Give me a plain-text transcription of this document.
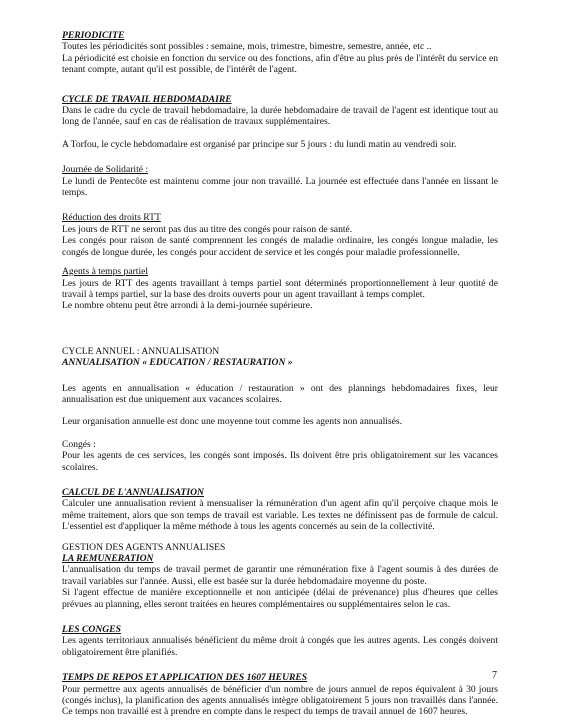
PERIODICITE

Toutes les périodicités sont possibles : semaine, mois, trimestre, bimestre, semestre, année, etc ..

La périodicité est choisie en fonction du service ou des fonctions, afin d'être au plus près de l'intérêt du service en tenant compte, autant qu'il est possible, de l'intérêt de l'agent.

CYCLE DE TRAVAIL HEBDOMADAIRE

Dans le cadre du cycle de travail hebdomadaire, la durée hebdomadaire de travail de l'agent est identique tout au long de l'année, sauf en cas de réalisation de travaux supplémentaires.

A Torfou, le cycle hebdomadaire est organisé par principe sur 5 jours : du lundi matin au vendredi soir.

Journée de Solidarité :

Le lundi de Pentecôte est maintenu comme jour non travaillé. La journée est effectuée dans l'année en lissant le temps.

Réduction des droits RTT

Les jours de RTT ne seront pas dus au titre des congés pour raison de santé.

Les congés pour raison de santé comprennent les congés de maladie ordinaire, les congés longue maladie, les congés de longue durée, les congés pour accident de service et les congés pour maladie professionnelle.

Agents à temps partiel

Les jours de RTT des agents travaillant à temps partiel sont déterminés proportionnellement à leur quotité de travail à temps partiel, sur la base des droits ouverts pour un agent travaillant à temps complet.

Le nombre obtenu peut être arrondi à la demi-journée supérieure.

CYCLE ANNUEL : ANNUALISATION
ANNUALISATION « EDUCATION / RESTAURATION »

Les agents en annualisation « éducation / restauration » ont des plannings hebdomadaires fixes, leur annualisation est due uniquement aux vacances scolaires.

Leur organisation annuelle est donc une moyenne tout comme les agents non annualisés.

Congés :

Pour les agents de ces services, les congés sont imposés. Ils doivent être pris obligatoirement sur les vacances scolaires.

CALCUL DE L'ANNUALISATION

Calculer une annualisation revient à mensualiser la rémunération d'un agent afin qu'il perçoive chaque mois le même traitement, alors que son temps de travail est variable. Les textes ne définissent pas de formule de calcul. L'essentiel est d'appliquer la même méthode à tous les agents concernés au sein de la collectivité.

GESTION DES AGENTS ANNUALISES
LA REMUNERATION

L'annualisation du temps de travail permet de garantir une rémunération fixe à l'agent soumis à des durées de travail variables sur l'année. Aussi, elle est basée sur la durée hebdomadaire moyenne du poste.

Si l'agent effectue de manière exceptionnelle et non anticipée (délai de prévenance) plus d'heures que celles prévues au planning, elles seront traitées en heures complémentaires ou supplémentaires selon le cas.

LES CONGES

Les agents territoriaux annualisés bénéficient du même droit à congés que les autres agents. Les congés doivent obligatoirement être planifiés.

TEMPS DE REPOS ET APPLICATION DES 1607 HEURES

Pour permettre aux agents annualisés de bénéficier d'un nombre de jours annuel de repos équivalent à 30 jours (congés inclus), la planification des agents annualisés intègre obligatoirement 5 jours non travaillés dans l'année. Ce temps non travaillé est à prendre en compte dans le respect du temps de travail annuel de 1607 heures.

7
